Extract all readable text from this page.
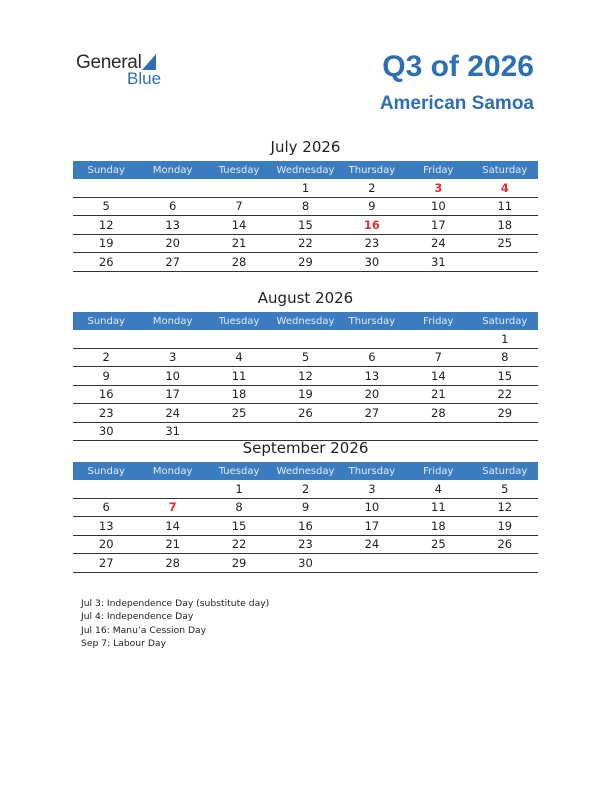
General
Blue	Q3 of 2026
American Samoa
July 2026
Sunday	Monday	Tuesday	Wednesday	Thursday	Friday	Saturday
			1	2	3	4
5	6	7	8	9	10	11
12	13	14	15	16	17	18
19	20	21	22	23	24	25
26	27	28	29	30	31	
August 2026
Sunday	Monday	Tuesday	Wednesday	Thursday	Friday	Saturday
						1
2	3	4	5	6	7	8
9	10	11	12	13	14	15
16	17	18	19	20	21	22
23	24	25	26	27	28	29
30	31					
September 2026
Sunday	Monday	Tuesday	Wednesday	Thursday	Friday	Saturday
		1	2	3	4	5
6	7	8	9	10	11	12
13	14	15	16	17	18	19
20	21	22	23	24	25	26
27	28	29	30			
Jul 3: Independence Day (substitute day)
Jul 4: Independence Day
Jul 16: Manu’a Cession Day
Sep 7: Labour Day
